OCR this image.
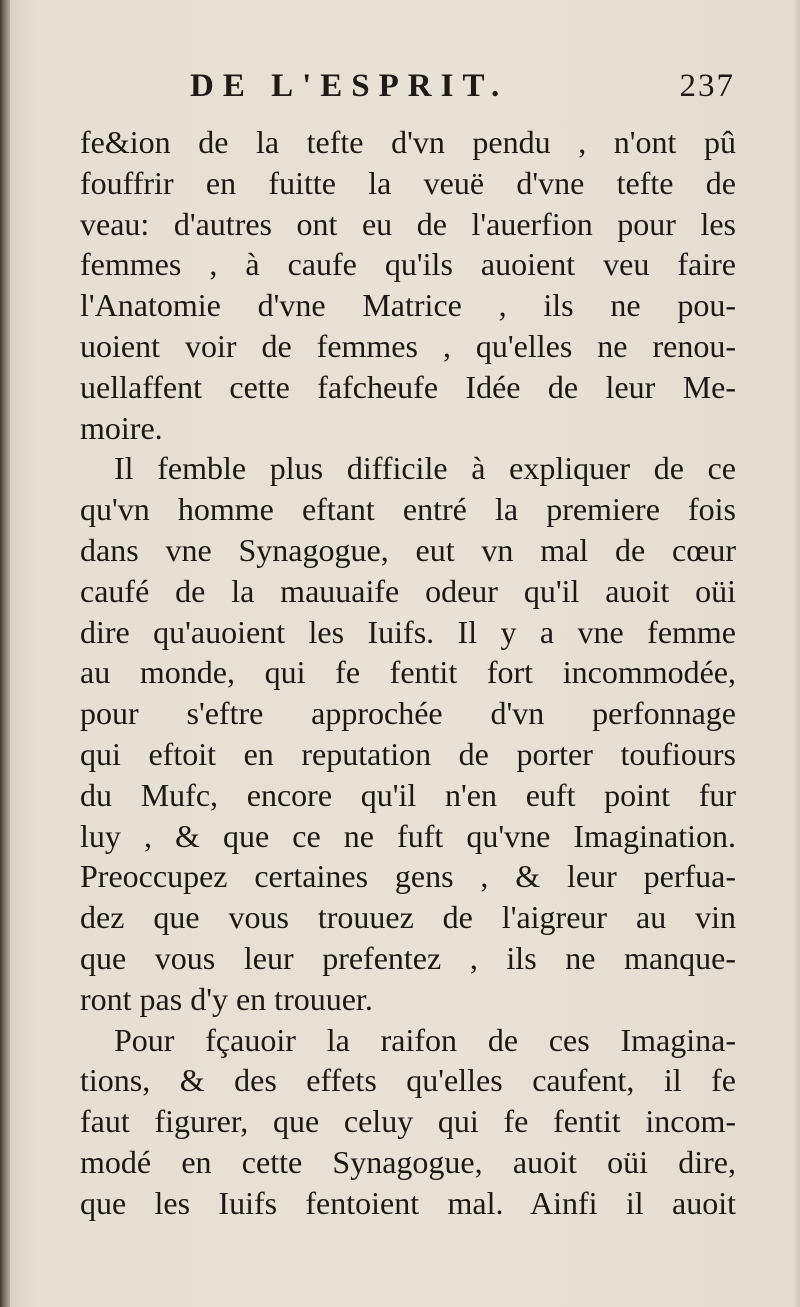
DE L'ESPRIT.	237
fe&ion de la tefte d'vn pendu , n'ont pû
fouffrir en fuitte la veuë d'vne tefte de
veau: d'autres ont eu de l'auerfion pour les
femmes , à caufe qu'ils auoient veu faire
l'Anatomie d'vne Matrice , ils ne pou-
uoient voir de femmes , qu'elles ne renou-
uellaffent cette fafcheufe Idée de leur Me-
moire.
Il femble plus difficile à expliquer de ce
qu'vn homme eftant entré la premiere fois
dans vne Synagogue, eut vn mal de cœur
caufé de la mauuaife odeur qu'il auoit oüi
dire qu'auoient les Iuifs. Il y a vne femme
au monde, qui fe fentit fort incommodée,
pour s'eftre approchée d'vn perfonnage
qui eftoit en reputation de porter toufiours
du Mufc, encore qu'il n'en euft point fur
luy , & que ce ne fuft qu'vne Imagination.
Preoccupez certaines gens , & leur perfua-
dez que vous trouuez de l'aigreur au vin
que vous leur prefentez , ils ne manque-
ront pas d'y en trouuer.
Pour fçauoir la raifon de ces Imagina-
tions, & des effets qu'elles caufent, il fe
faut figurer, que celuy qui fe fentit incom-
modé en cette Synagogue, auoit oüi dire,
que les Iuifs fentoient mal. Ainfi il auoit
